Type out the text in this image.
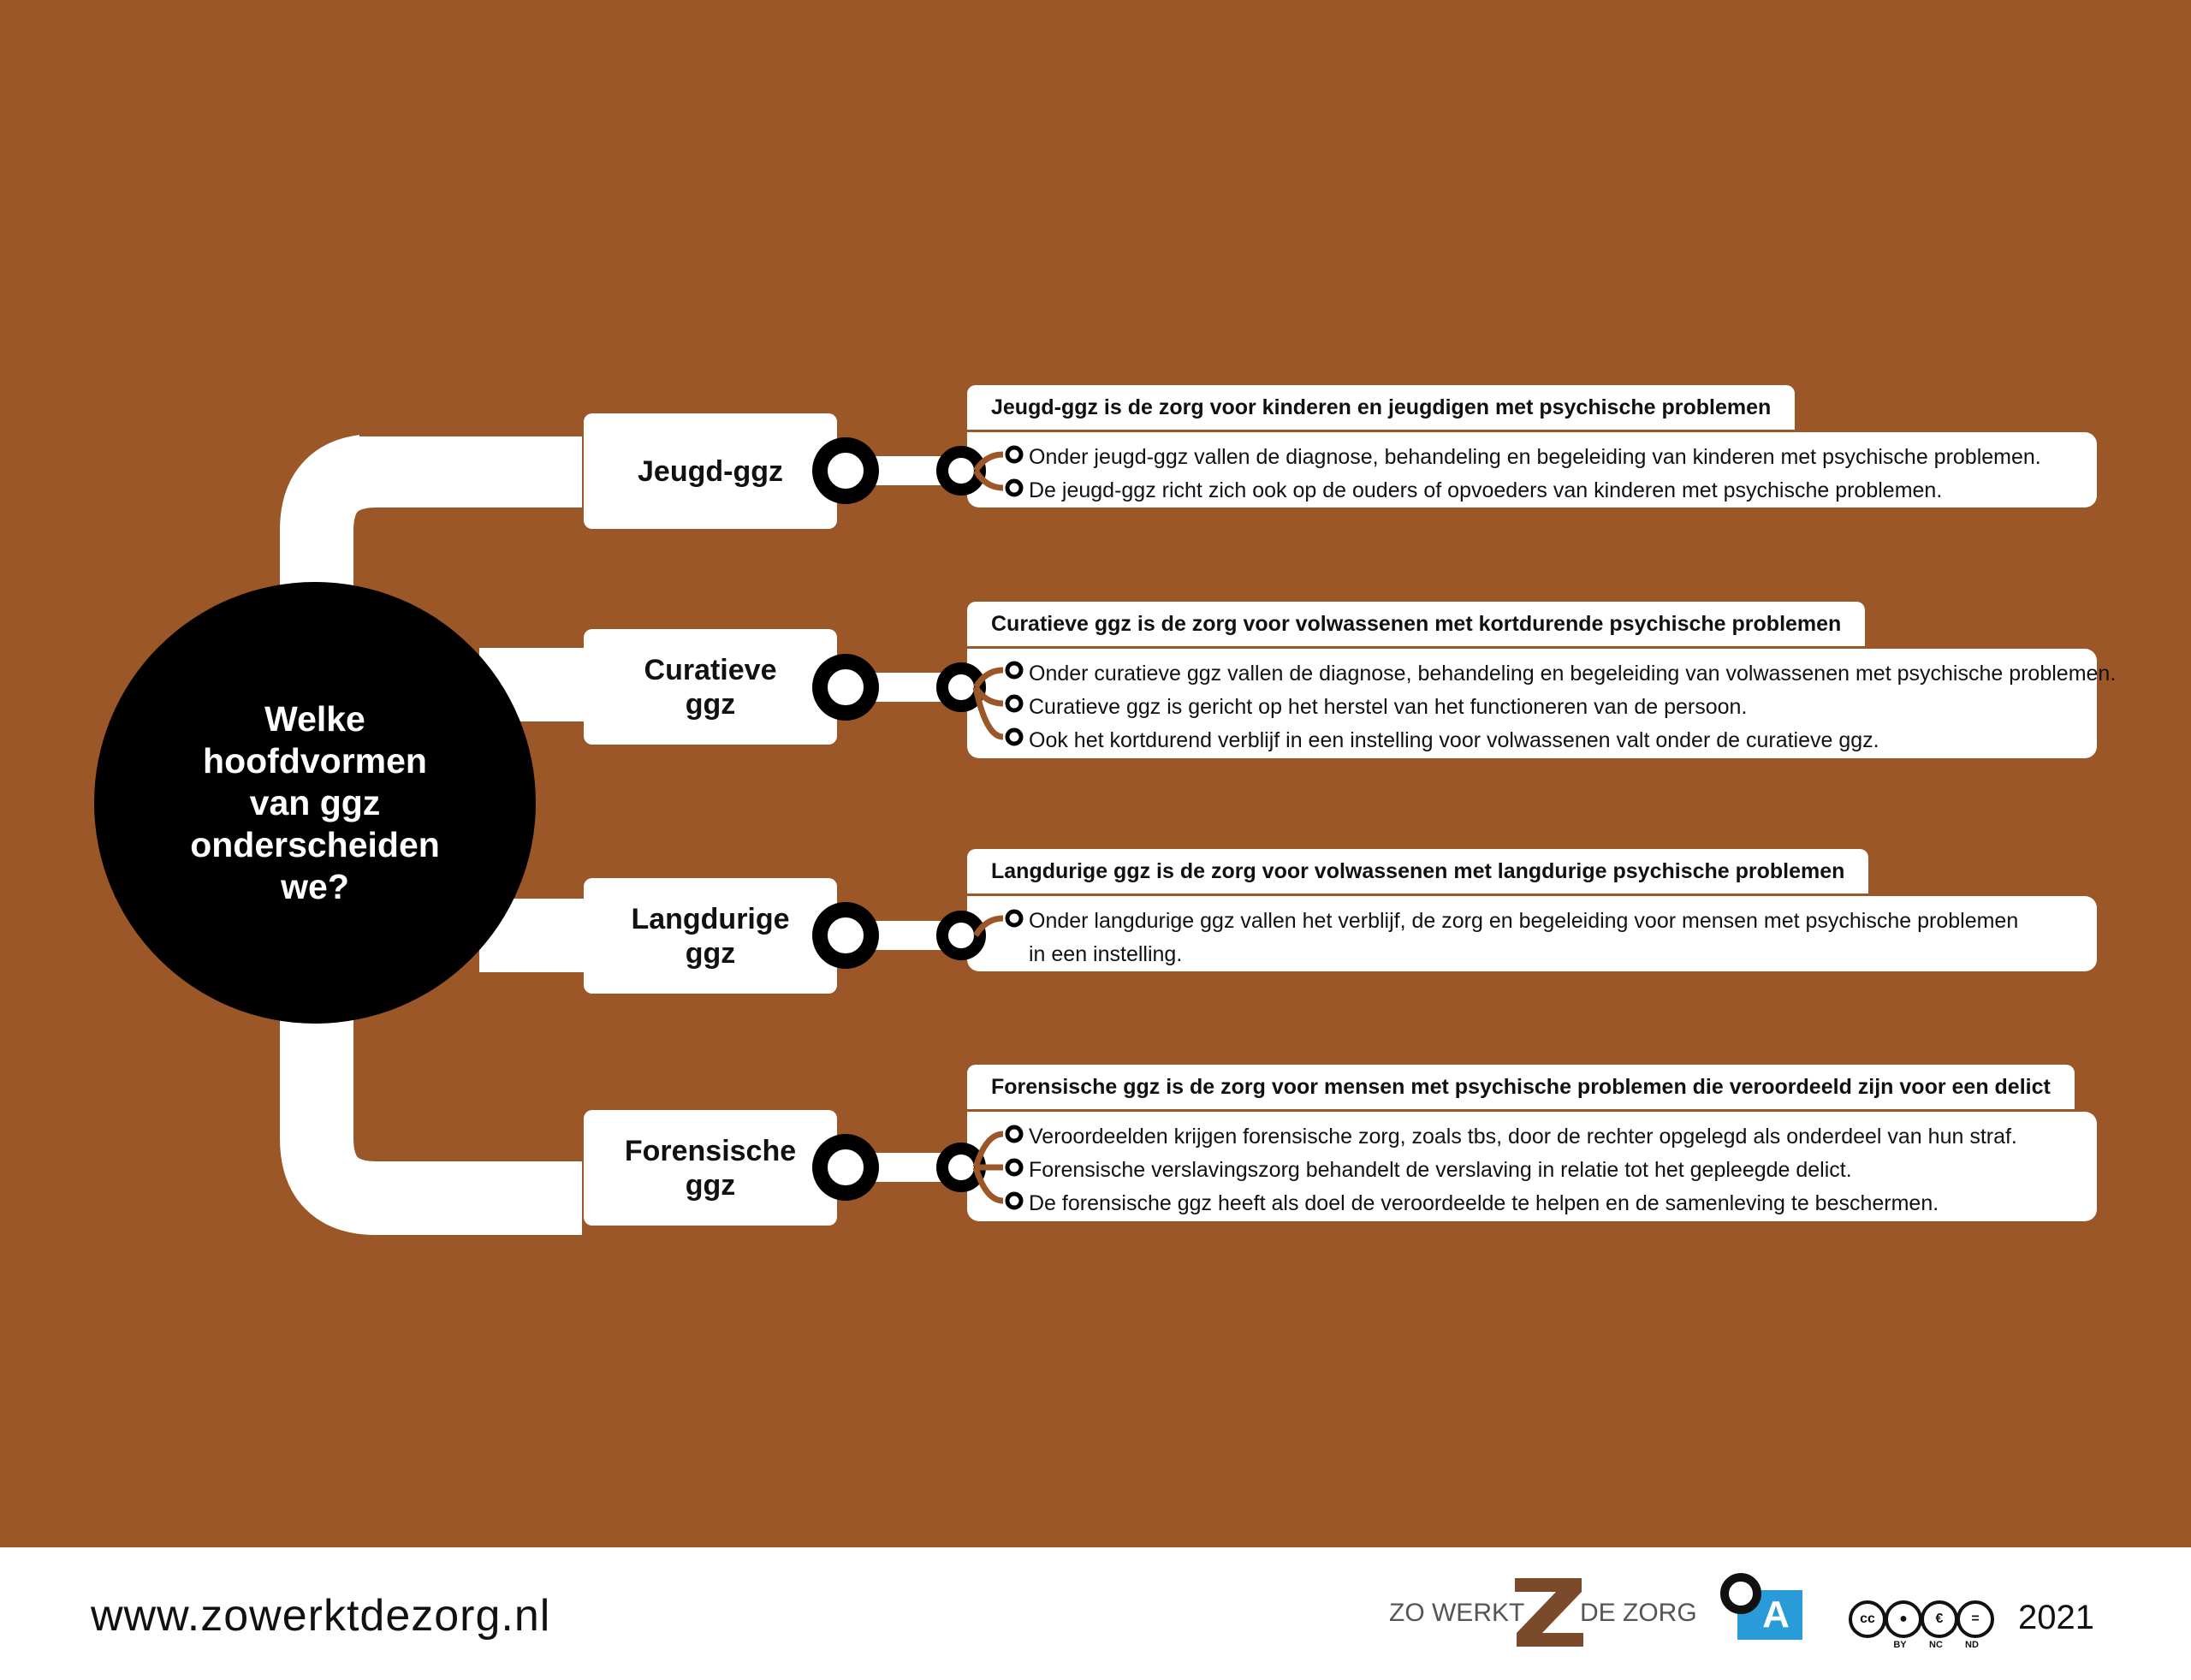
Welke
hoofdvormen
van ggz
onderscheiden
we?
Jeugd-ggz
Jeugd-ggz is de zorg voor kinderen en jeugdigen met psychische problemen
Onder jeugd-ggz vallen de diagnose, behandeling en begeleiding van kinderen met psychische problemen.
De jeugd-ggz richt zich ook op de ouders of opvoeders van kinderen met psychische problemen.
Curatieve
ggz
Curatieve ggz is de zorg voor volwassenen met kortdurende psychische problemen
Onder curatieve ggz vallen de diagnose, behandeling en begeleiding van volwassenen met psychische problemen.
Curatieve ggz is gericht op het herstel van het functioneren van de persoon.
Ook het kortdurend verblijf in een instelling voor volwassenen valt onder de curatieve ggz.
Langdurige
ggz
Langdurige ggz is de zorg voor volwassenen met langdurige psychische problemen
Onder langdurige ggz vallen het verblijf, de zorg en begeleiding voor mensen met psychische problemen
in een instelling.
Forensische
ggz
Forensische ggz is de zorg voor mensen met psychische problemen die veroordeeld zijn voor een delict
Veroordeelden krijgen forensische zorg, zoals tbs, door de rechter opgelegd als onderdeel van hun straf.
Forensische verslavingszorg behandelt de verslaving in relatie tot het gepleegde delict.
De forensische ggz heeft als doel de veroordeelde te helpen en de samenleving te beschermen.
www.zowerktdezorg.nl	ZO WERKT DE ZORG	A	cc	●	€	=
BY	NC	ND
2021
